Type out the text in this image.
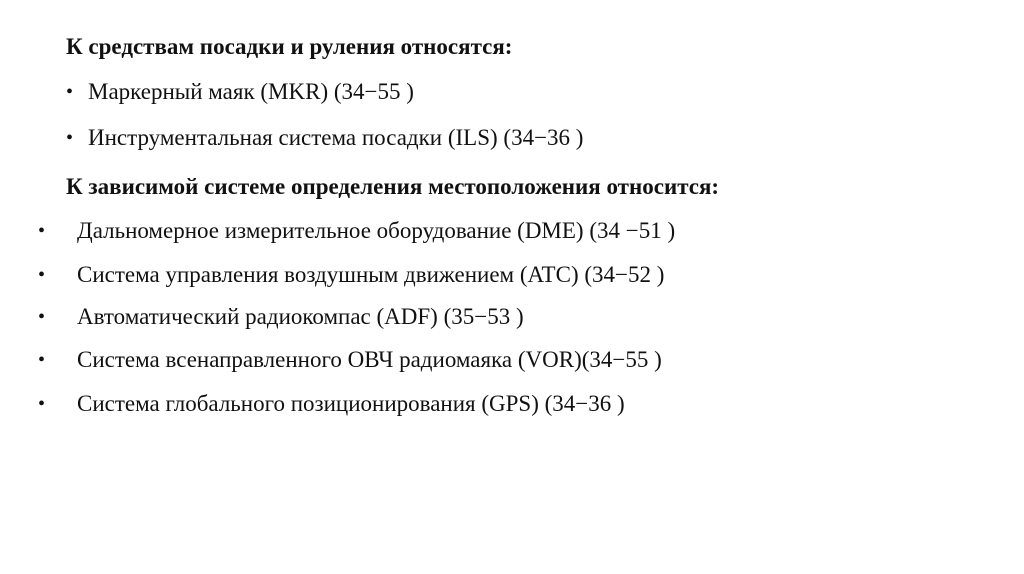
К средствам посадки и руления относятся:
• Маркерный маяк (MKR) (34−55 )
• Инструментальная система посадки (ILS) (34−36 )
К зависимой системе определения местоположения относится:
• Дальномерное измерительное оборудование (DME) (34 −51 )
• Система управления воздушным движением (ATC) (34−52 )
• Автоматический радиокомпас (ADF) (35−53 )
• Система всенаправленного ОВЧ радиомаяка (VOR)(34−55 )
• Система глобального позиционирования (GPS) (34−36 )
